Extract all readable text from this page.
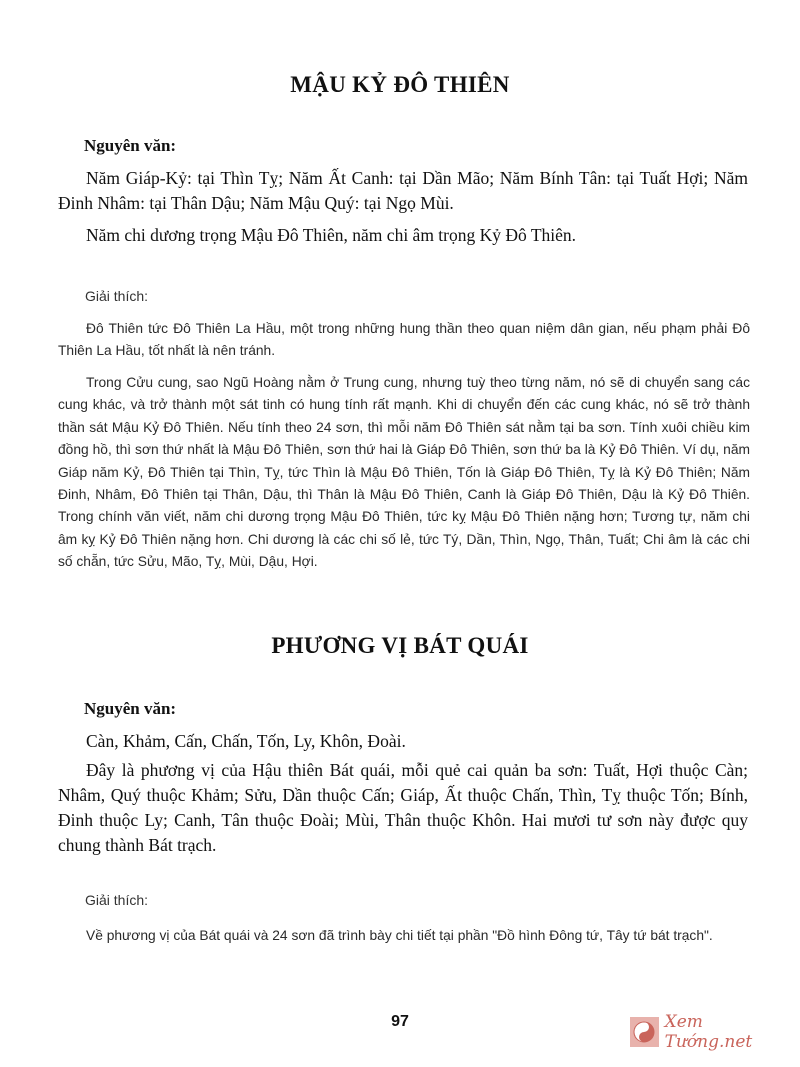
MẬU KỶ ĐÔ THIÊN
Nguyên văn:

Năm Giáp-Kỷ: tại Thìn Tỵ; Năm Ất Canh: tại Dần Mão; Năm Bính Tân: tại Tuất Hợi; Năm Đinh Nhâm: tại Thân Dậu; Năm Mậu Quý: tại Ngọ Mùi.

Năm chi dương trọng Mậu Đô Thiên, năm chi âm trọng Kỷ Đô Thiên.

Giải thích:

Đô Thiên tức Đô Thiên La Hầu, một trong những hung thần theo quan niệm dân gian, nếu phạm phải Đô Thiên La Hầu, tốt nhất là nên tránh.

Trong Cửu cung, sao Ngũ Hoàng nằm ở Trung cung, nhưng tuỳ theo từng năm, nó sẽ di chuyển sang các cung khác, và trở thành một sát tinh có hung tính rất mạnh. Khi di chuyển đến các cung khác, nó sẽ trở thành thần sát Mậu Kỷ Đô Thiên. Nếu tính theo 24 sơn, thì mỗi năm Đô Thiên sát nằm tại ba sơn. Tính xuôi chiều kim đồng hồ, thì sơn thứ nhất là Mậu Đô Thiên, sơn thứ hai là Giáp Đô Thiên, sơn thứ ba là Kỷ Đô Thiên. Ví dụ, năm Giáp năm Kỷ, Đô Thiên tại Thìn, Tỵ, tức Thìn là Mậu Đô Thiên, Tốn là Giáp Đô Thiên, Tỵ là Kỷ Đô Thiên; Năm Đinh, Nhâm, Đô Thiên tại Thân, Dậu, thì Thân là Mậu Đô Thiên, Canh là Giáp Đô Thiên, Dậu là Kỷ Đô Thiên. Trong chính văn viết, năm chi dương trọng Mậu Đô Thiên, tức kỵ Mậu Đô Thiên nặng hơn; Tương tự, năm chi âm kỵ Kỷ Đô Thiên nặng hơn. Chi dương là các chi số lẻ, tức Tý, Dần, Thìn, Ngọ, Thân, Tuất; Chi âm là các chi số chẵn, tức Sửu, Mão, Tỵ, Mùi, Dậu, Hợi.

PHƯƠNG VỊ BÁT QUÁI
Nguyên văn:

Càn, Khảm, Cấn, Chấn, Tốn, Ly, Khôn, Đoài.

Đây là phương vị của Hậu thiên Bát quái, mỗi quẻ cai quản ba sơn: Tuất, Hợi thuộc Càn; Nhâm, Quý thuộc Khảm; Sửu, Dần thuộc Cấn; Giáp, Ất thuộc Chấn, Thìn, Tỵ thuộc Tốn; Bính, Đinh thuộc Ly; Canh, Tân thuộc Đoài; Mùi, Thân thuộc Khôn. Hai mươi tư sơn này được quy chung thành Bát trạch.

Giải thích:

Về phương vị của Bát quái và 24 sơn đã trình bày chi tiết tại phần "Đồ hình Đông tứ, Tây tứ bát trạch".

97	Xem Tướng.net
